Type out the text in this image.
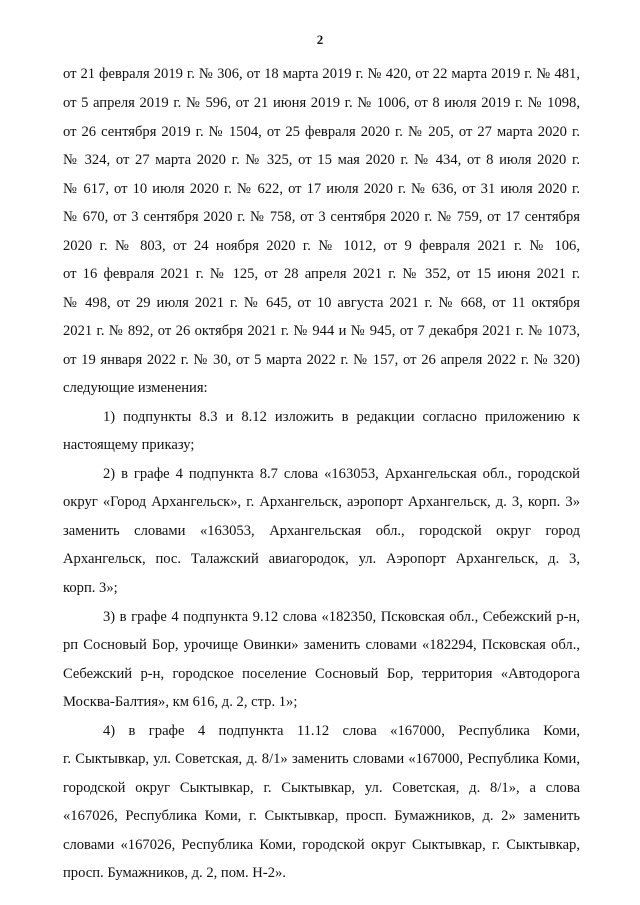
2
от 21 февраля 2019 г. № 306, от 18 марта 2019 г. № 420, от 22 марта 2019 г. № 481,
от 5 апреля 2019 г. № 596, от 21 июня 2019 г. № 1006, от 8 июля 2019 г. № 1098,
от 26 сентября 2019 г. № 1504, от 25 февраля 2020 г. № 205, от 27 марта 2020 г.
№ 324, от 27 марта 2020 г. № 325, от 15 мая 2020 г. № 434, от 8 июля 2020 г.
№ 617, от 10 июля 2020 г. № 622, от 17 июля 2020 г. № 636, от 31 июля 2020 г.
№ 670, от 3 сентября 2020 г. № 758, от 3 сентября 2020 г. № 759, от 17 сентября
2020 г. № 803, от 24 ноября 2020 г. № 1012, от 9 февраля 2021 г. № 106,
от 16 февраля 2021 г. № 125, от 28 апреля 2021 г. № 352, от 15 июня 2021 г.
№ 498, от 29 июля 2021 г. № 645, от 10 августа 2021 г. № 668, от 11 октября
2021 г. № 892, от 26 октября 2021 г. № 944 и № 945, от 7 декабря 2021 г. № 1073,
от 19 января 2022 г. № 30, от 5 марта 2022 г. № 157, от 26 апреля 2022 г. № 320)
следующие изменения:
1) подпункты 8.3 и 8.12 изложить в редакции согласно приложению к
настоящему приказу;
2) в графе 4 подпункта 8.7 слова «163053, Архангельская обл., городской
округ «Город Архангельск», г. Архангельск, аэропорт Архангельск, д. 3, корп. 3»
заменить словами «163053, Архангельская обл., городской округ город
Архангельск, пос. Талажский авиагородок, ул. Аэропорт Архангельск, д. 3,
корп. 3»;
3) в графе 4 подпункта 9.12 слова «182350, Псковская обл., Себежский р-н,
рп Сосновый Бор, урочище Овинки» заменить словами «182294, Псковская обл.,
Себежский р-н, городское поселение Сосновый Бор, территория «Автодорога
Москва-Балтия», км 616, д. 2, стр. 1»;
4) в графе 4 подпункта 11.12 слова «167000, Республика Коми,
г. Сыктывкар, ул. Советская, д. 8/1» заменить словами «167000, Республика Коми,
городской округ Сыктывкар, г. Сыктывкар, ул. Советская, д. 8/1», а слова
«167026, Республика Коми, г. Сыктывкар, просп. Бумажников, д. 2» заменить
словами «167026, Республика Коми, городской округ Сыктывкар, г. Сыктывкар,
просп. Бумажников, д. 2, пом. Н-2».
